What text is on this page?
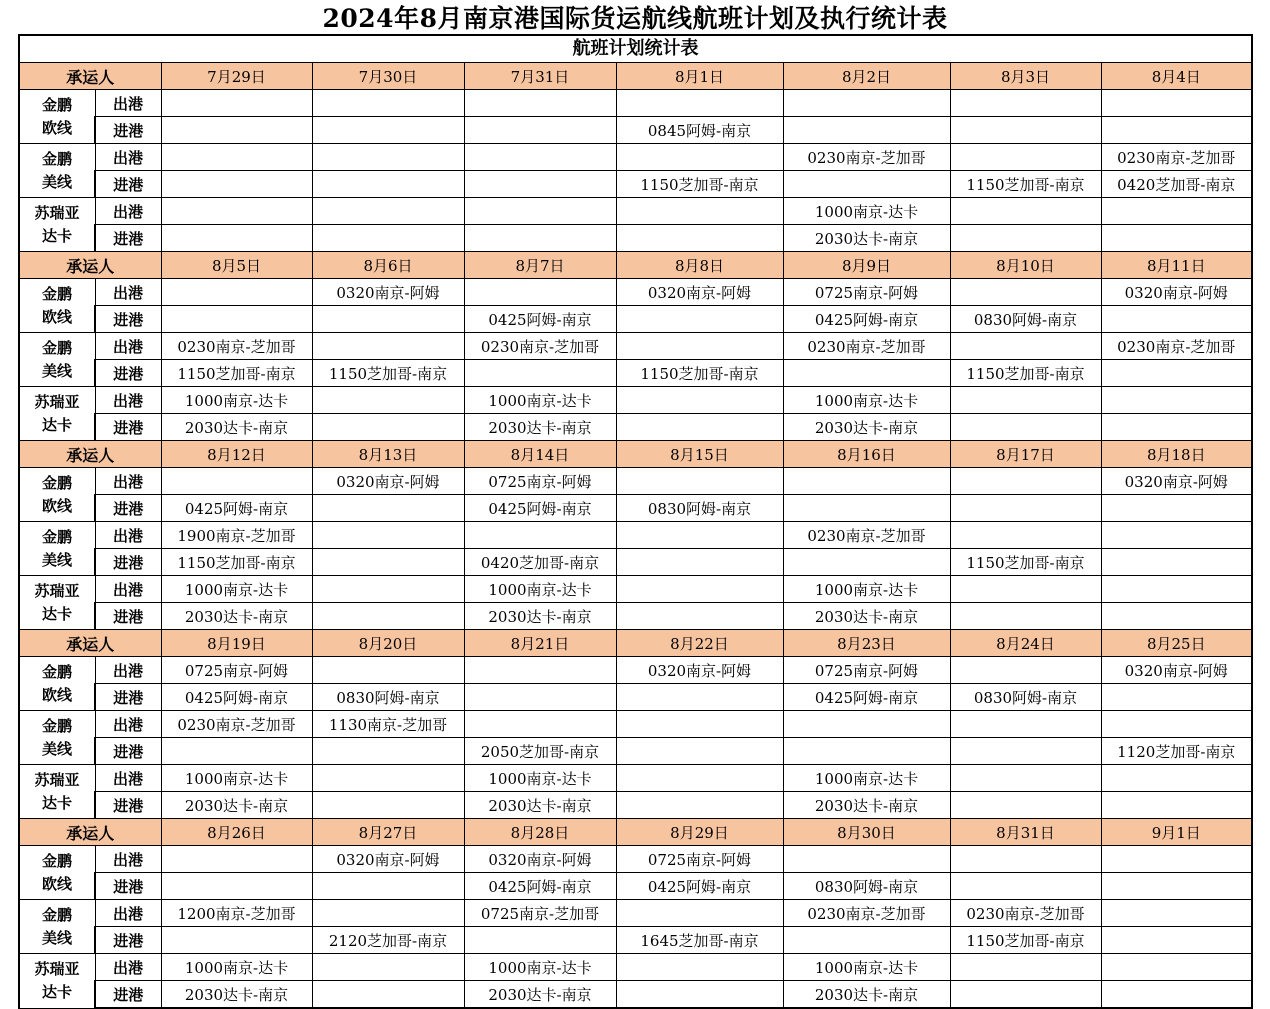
2024年8月南京港国际货运航线航班计划及执行统计表
航班计划统计表								
承运人		7月29日	7月30日	7月31日	8月1日	8月2日	8月3日	8月4日

金鹏
欧线	出港							
	进港				0845阿姆-南京			

金鹏
美线	出港					0230南京-芝加哥		0230南京-芝加哥
	进港				1150芝加哥-南京		1150芝加哥-南京	0420芝加哥-南京

苏瑞亚
达卡	出港					1000南京-达卡		
	进港					2030达卡-南京		
承运人		8月5日	8月6日	8月7日	8月8日	8月9日	8月10日	8月11日

金鹏
欧线	出港		0320南京-阿姆		0320南京-阿姆	0725南京-阿姆		0320南京-阿姆
	进港			0425阿姆-南京		0425阿姆-南京	0830阿姆-南京	

金鹏
美线	出港	0230南京-芝加哥		0230南京-芝加哥		0230南京-芝加哥		0230南京-芝加哥
	进港	1150芝加哥-南京	1150芝加哥-南京		1150芝加哥-南京		1150芝加哥-南京	

苏瑞亚
达卡	出港	1000南京-达卡		1000南京-达卡		1000南京-达卡		
	进港	2030达卡-南京		2030达卡-南京		2030达卡-南京		
承运人		8月12日	8月13日	8月14日	8月15日	8月16日	8月17日	8月18日

金鹏
欧线	出港		0320南京-阿姆	0725南京-阿姆				0320南京-阿姆
	进港	0425阿姆-南京		0425阿姆-南京	0830阿姆-南京			

金鹏
美线	出港	1900南京-芝加哥				0230南京-芝加哥		
	进港	1150芝加哥-南京		0420芝加哥-南京			1150芝加哥-南京	

苏瑞亚
达卡	出港	1000南京-达卡		1000南京-达卡		1000南京-达卡		
	进港	2030达卡-南京		2030达卡-南京		2030达卡-南京		
承运人		8月19日	8月20日	8月21日	8月22日	8月23日	8月24日	8月25日

金鹏
欧线	出港	0725南京-阿姆			0320南京-阿姆	0725南京-阿姆		0320南京-阿姆
	进港	0425阿姆-南京	0830阿姆-南京			0425阿姆-南京	0830阿姆-南京	

金鹏
美线	出港	0230南京-芝加哥	1130南京-芝加哥					
	进港			2050芝加哥-南京				1120芝加哥-南京

苏瑞亚
达卡	出港	1000南京-达卡		1000南京-达卡		1000南京-达卡		
	进港	2030达卡-南京		2030达卡-南京		2030达卡-南京		
承运人		8月26日	8月27日	8月28日	8月29日	8月30日	8月31日	9月1日

金鹏
欧线	出港		0320南京-阿姆	0320南京-阿姆	0725南京-阿姆			
	进港			0425阿姆-南京	0425阿姆-南京	0830阿姆-南京		

金鹏
美线	出港	1200南京-芝加哥		0725南京-芝加哥		0230南京-芝加哥	0230南京-芝加哥	
	进港		2120芝加哥-南京		1645芝加哥-南京		1150芝加哥-南京	

苏瑞亚
达卡	出港	1000南京-达卡		1000南京-达卡		1000南京-达卡		
	进港	2030达卡-南京		2030达卡-南京		2030达卡-南京		
